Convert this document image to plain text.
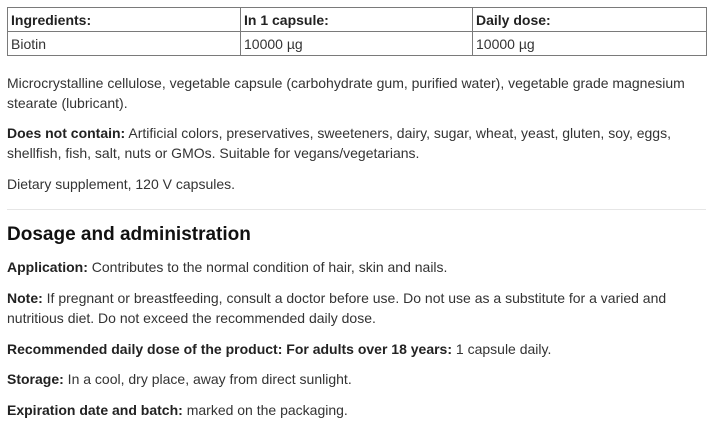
Ingredients:	In 1 capsule:	Daily dose:
Biotin	10000 µg	10000 µg

Microcrystalline cellulose, vegetable capsule (carbohydrate gum, purified water), vegetable grade magnesium stearate (lubricant).

Does not contain: Artificial colors, preservatives, sweeteners, dairy, sugar, wheat, yeast, gluten, soy, eggs, shellfish, fish, salt, nuts or GMOs. Suitable for vegans/vegetarians.

Dietary supplement, 120 V capsules.

Dosage and administration

Application: Contributes to the normal condition of hair, skin and nails.

Note: If pregnant or breastfeeding, consult a doctor before use. Do not use as a substitute for a varied and nutritious diet. Do not exceed the recommended daily dose.

Recommended daily dose of the product: For adults over 18 years: 1 capsule daily.

Storage: In a cool, dry place, away from direct sunlight.

Expiration date and batch: marked on the packaging.
